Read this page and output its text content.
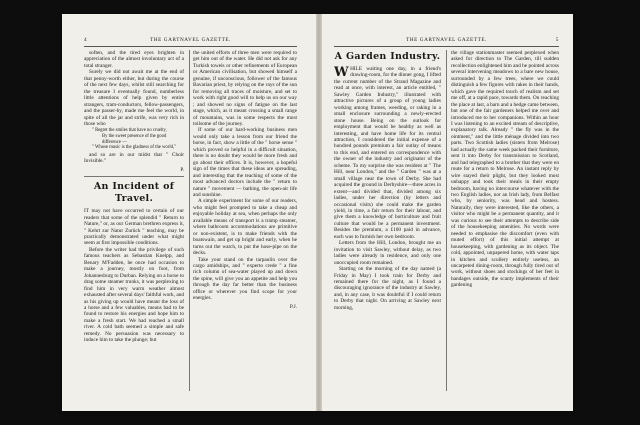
4	THE GARTNAVEL GAZETTE.

soften, and the tired eyes brighten in appreciation of the almost involuntary act of a total stranger.

Surely we did not await me at the end of that penny-worth either, but during the course of the next few days, whilst still searching for the treasure I eventually found, numberless little attentions of help given by entire strangers, tram-conductors, fellow-passengers, and the passer-by, made me feel the world, in spite of all the jar and strife, was very rich in those who

" Regret the smiles that have no cruelty,
By the sweet presence of the good
difference —
" Whose music is the gladness of the world,"

and so are in our midst that " Choir Invisible."

P.
An Incident of Travel.

IT may not have occurred to certain of our readers that some of the splendid " Return to Nature," or, as our German brethren express it, " Kehrt zur Natur Zurück " teaching, may be practically demonstrated under what might seem at first impossible conditions.

Before the writer had the privilege of such famous teachers as Sebastian Kneipp, and Benary M'Fadden, he once had occasion to make a journey, mostly on foot, from Johannesburg to Durban. Relying on a horse to drag some steamer trunks, it was perplexing to find him in very warm weather almost exhausted after several days' faithful work, and as his giving up would have meant the loss of a horse and a few valuables, means had to be found to restore his energies and hope him to make a fresh start. We had reached a small river. A cold bath seemed a simple and safe remedy. No persuasion was necessary to induce him to take the plunge; but

the united efforts of three men were required to get him out of the water. He did not ask for any Turkish towels or other refinements of European or American civilisation, but showed himself a genuine, if unconscious, follower of the famous Bavarian priest, by relying on the rays of the sun for removing all traces of moisture, and set to work with right good will to help us on our way ; and showed no signs of fatigue on the last stage, which, as it meant crossing a small range of mountains, was in some respects the most toilsome of the journey.

If some of our hard-working business men would only take a lesson from our friend the horse, in fact, show a little of the " horse sense " which proved so helpful in a difficult situation, there is no doubt they would be more fresh and go about their offices. It is, however, a hopeful sign of the times that these ideas are spreading, and interesting that the teaching of some of the most advanced doctors include the " return to nature " movement — bathing, the open-air life and sunshine.

A simple experiment for some of our readers, who might feel prompted to take a cheap and enjoyable holiday at sea, when perhaps the only available means of transport is a tramp steamer, where bathroom accommodations are primitive or non-existent, is to make friends with the boatswain, and get up bright and early, when he turns out the watch, to put the hose-pipe on the decks.

Take your stand on the tarpaulin over the cargo amidships, and " experto crede " a fine rich column of sea-water played up and down the spine, will give you an appetite and help you through the day far better than the business office or wherever you find scope for your energies.

P.J.
THE GARTNAVEL GAZETTE.	5
A Garden Industry.

WHILE waiting one day, in a friend's drawing-room, for the dinner gong, I lifted the current number of the Strand Magazine and read at once, with interest, an article entitled, " Sawley Garden Industry," illustrated with attractive pictures of a group of young ladies working among frames, weeding, or raking in a small enclosure surrounding a newly-erected stone house. Being on the outlook for employment that would be healthy as well as interesting, and have home life for its central attraction, I considered the initial expense of a hundred pounds premium a fair outlay of means to this end, and entered on correspondence with the owner of the industry and originator of the scheme. To my surprise she was resident at " The Hill, near London," and the " Garden " was at a small village near the town of Derby. She had acquired the ground in Derbyshire—three acres in extent—and divided that, divided among six ladies, under her direction (by letters and occasional visits) she could make the garden yield, in time, a fair return for their labour, and give them a knowledge of horticulture and fruit culture that would be a permanent investment. Besides the premium, a £100 paid in advance, each was to furnish her own bedroom.

Letters from the Hill, London, brought me an invitation to visit Sawley, without delay, as two ladies were already in residence, and only one unoccupied room remained.

Starting on the morning of the day named (a Friday in May) I took train for Derby and remained there for the night, as I found a discouraging ignorance of the industry at Sawley, and, in any case, it was doubtful if I could return to Derby that night. On arriving at Sawley next morning,

the village stationmaster seemed perplexed when asked for direction to The Garden, till sudden recollection enlightened him and he pointed across several intervening meadows to a bare new house, surrounded by a few trees, where we could distinguish a few figures with rakes in their hands, which gave the required touch of realism and set me off, at a rapid pace, towards them. On reaching the place at last, a barn and a hedge came between, but one of the fair gardeners helped me over and introduced me to her companions. Within an hour I was listening to an excited stream of descriptive, explanatory talk. Already " the fly was in the ointment," and the little ménage divided into two parts. Two Scottish ladies (sisters from Melrose) had actually the same week packed their furniture, sent it into Derby for transmission to Scotland, and had telegraphed to a brother that they were en route for a return to Melrose. An instant reply by wire stayed their plight, but they looked most unhappy and took their meals in their empty bedroom, having no intercourse whatever with the two English ladies, nor an Irish lady, from Belfast who, by seniority, was head and hostess. Naturally, they were interested, like the others, a visitor who might be a permanent quantity, and it was curious to see their attempts to describe side of the housekeeping amenities. No words were needed to emphasise the discomfort (even with muted effort) of this initial attempt at housekeeping, with gardening as its object. The cold, appointed, unpapered home, with water taps in kitchen and scullery entirely useless, an uncarpeted dining-room, through fully tired out of work, without shoes and stockings of her feet in bandages outside, the scanty implements of their gardening
